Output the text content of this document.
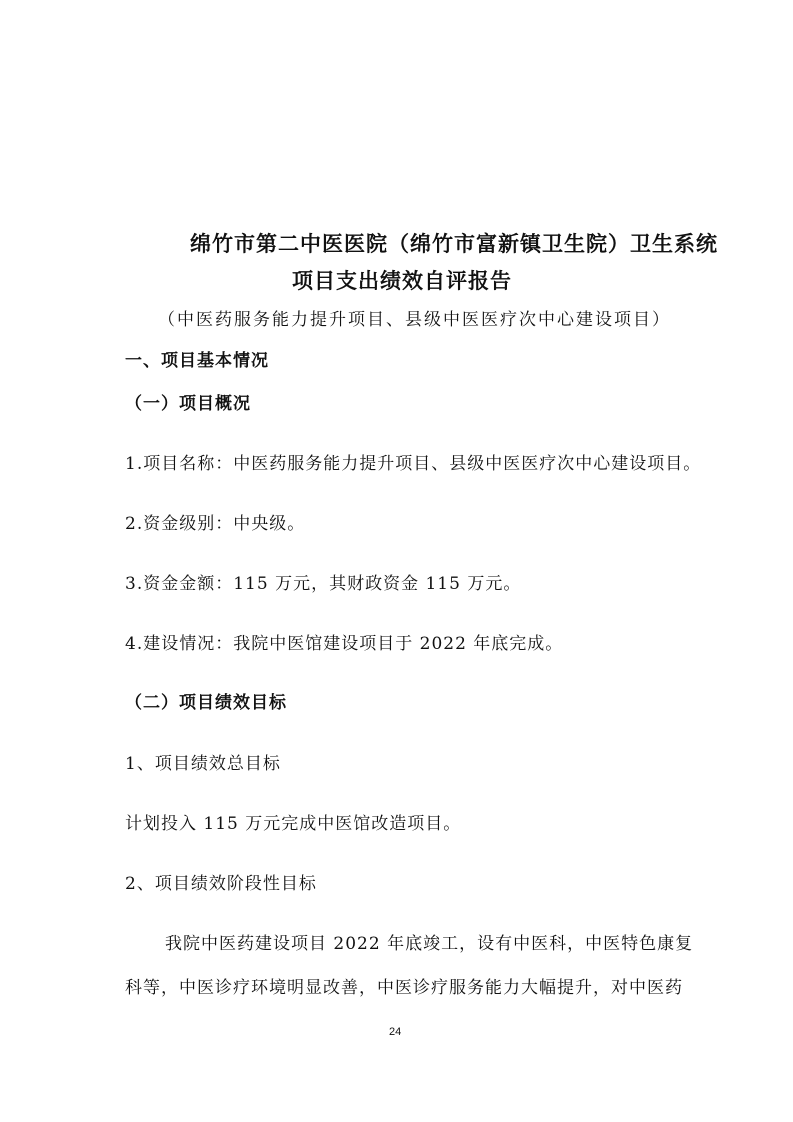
绵竹市第二中医医院（绵竹市富新镇卫生院）卫生系统
项目支出绩效自评报告
（中医药服务能力提升项目、县级中医医疗次中心建设项目）
一、项目基本情况
（一）项目概况
1.项目名称：中医药服务能力提升项目、县级中医医疗次中心建设项目。
2.资金级别：中央级。
3.资金金额：115 万元，其财政资金 115 万元。
4.建设情况：我院中医馆建设项目于 2022 年底完成。
（二）项目绩效目标
1、项目绩效总目标
计划投入 115 万元完成中医馆改造项目。
2、项目绩效阶段性目标
我院中医药建设项目 2022 年底竣工，设有中医科，中医特色康复
科等，中医诊疗环境明显改善，中医诊疗服务能力大幅提升，对中医药
24
